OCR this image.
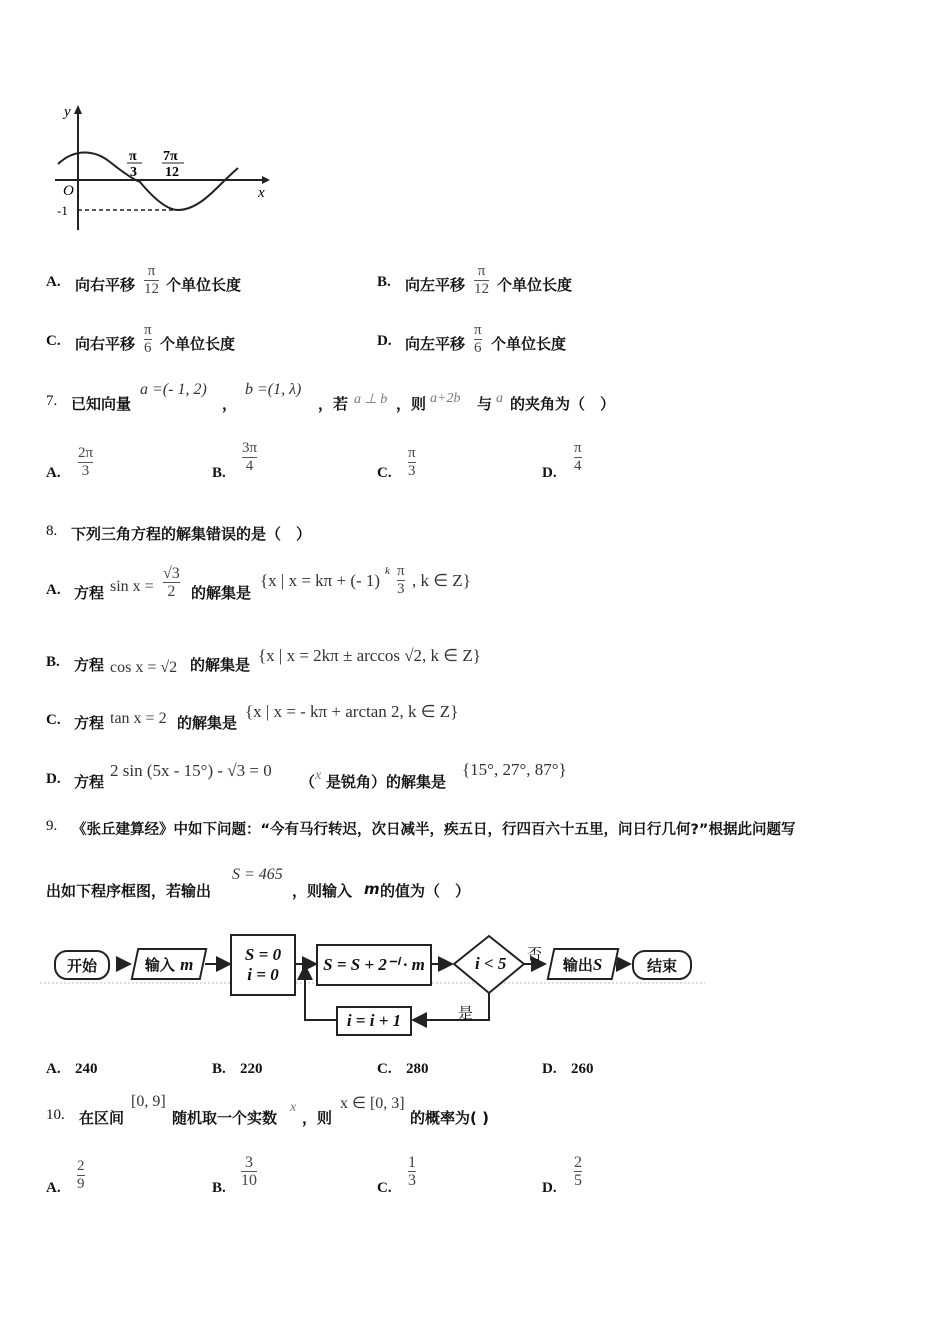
y
x
O
-1
π
3
7π
12
A. 向右平移
π
12 个单位长度	B. 向左平移
π
12 个单位长度
C. 向右平移
π
6 个单位长度	D. 向左平移
π
6 个单位长度
7. 已知向量
a =(- 1, 2)
，
b =(1, λ)
，若 a ⊥ b ，则 a+2b 与 a 的夹角为（　）
A.
2π
3	B.
3π
4	C.
π
3	D.
π
4
8. 下列三角方程的解集错误的是（　）
A. 方程 sin x =
√3
2 的解集是
{x | x = kπ + (- 1) k π
3 , k ∈ Z}
B. 方程 cos x = √2 的解集是 {x | x = 2kπ ± arccos √2, k ∈ Z}
C. 方程 tan x = 2 的解集是
{x | x = - kπ + arctan 2, k ∈ Z}
D. 方程
2 sin (5x - 15°) - √3 = 0
（ x 是锐角）的解集是
{15°, 27°, 87°}
9. 《张丘建算经》中如下问题：“今有马行转迟，次日减半，疾五日，行四百六十五里，问日行几何?”根据此问题写
出如下程序框图，若输出
S = 465
，则输入 m 的值为（　）
开始	输入 m	S = 0
i = 0
S = S + 2⁻ⁱ · m	i < 5 否
是
输出S	结束
i = i + 1
A. 240	B. 220	C. 280	D. 260
10. 在区间
[0, 9]
随机取一个实数
x
，则
x ∈ [0, 3]
的概率为( )
A.
2
9	B.
3
10	C.
1
3	D.
2
5
